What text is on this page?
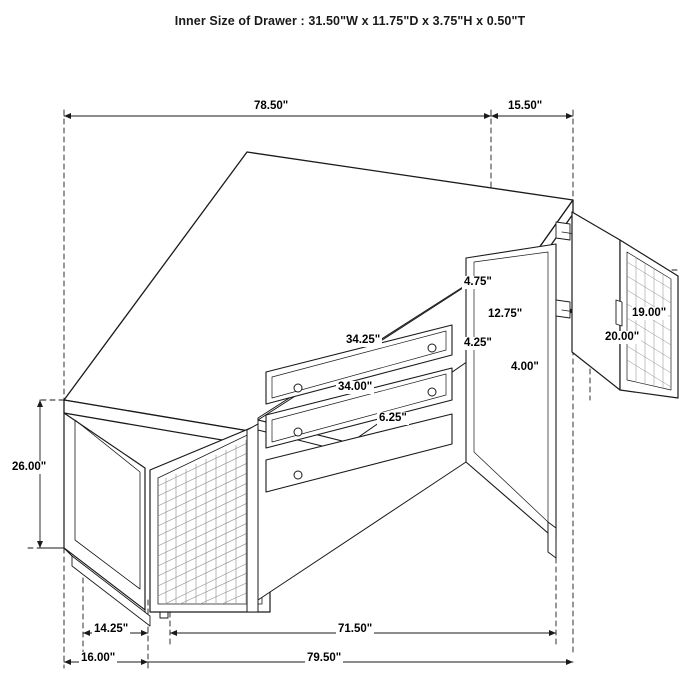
Inner Size of Drawer : 31.50"W x 11.75"D x 3.75"H x 0.50"T
78.50"	15.50"
4.75"
12.75"	19.00"
20.00"
34.25"	4.25"
4.00"
34.00"
6.25"
26.00"
14.25"
16.00"
71.50"
79.50"
